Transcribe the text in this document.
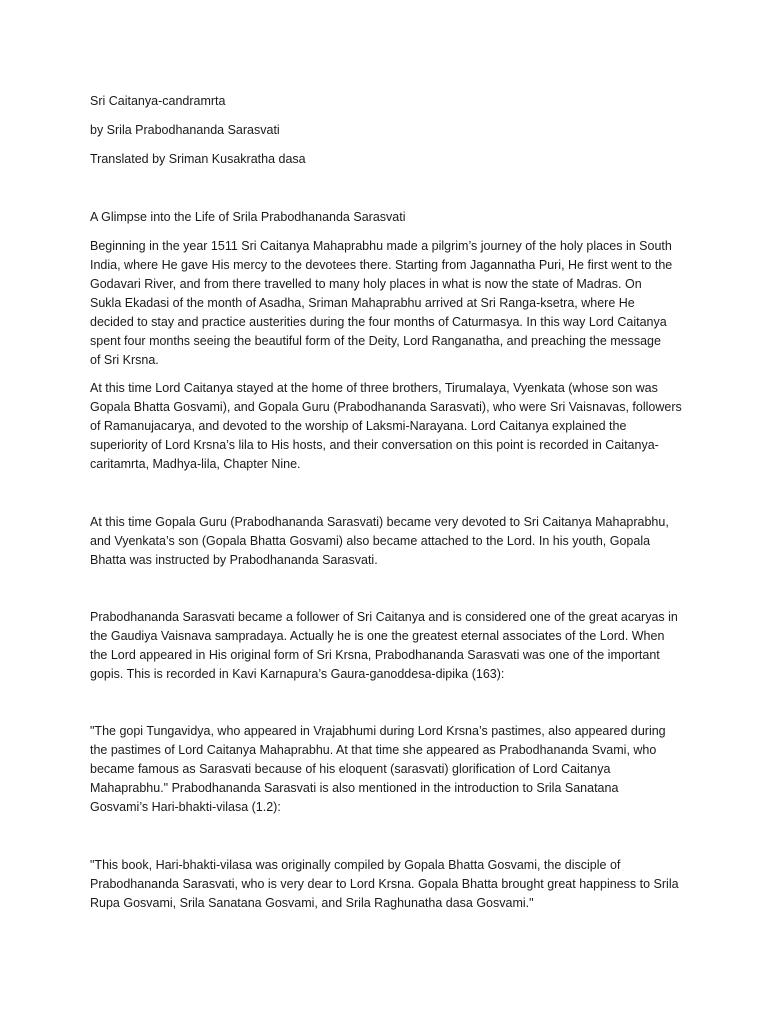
Sri Caitanya-candramrta

by Srila Prabodhananda Sarasvati

Translated by Sriman Kusakratha dasa

A Glimpse into the Life of Srila Prabodhananda Sarasvati

Beginning in the year 1511 Sri Caitanya Mahaprabhu made a pilgrim’s journey of the holy places in South
India, where He gave His mercy to the devotees there. Starting from Jagannatha Puri, He first went to the
Godavari River, and from there travelled to many holy places in what is now the state of Madras. On
Sukla Ekadasi of the month of Asadha, Sriman Mahaprabhu arrived at Sri Ranga-ksetra, where He
decided to stay and practice austerities during the four months of Caturmasya. In this way Lord Caitanya
spent four months seeing the beautiful form of the Deity, Lord Ranganatha, and preaching the message
of Sri Krsna.

At this time Lord Caitanya stayed at the home of three brothers, Tirumalaya, Vyenkata (whose son was
Gopala Bhatta Gosvami), and Gopala Guru (Prabodhananda Sarasvati), who were Sri Vaisnavas, followers
of Ramanujacarya, and devoted to the worship of Laksmi-Narayana. Lord Caitanya explained the
superiority of Lord Krsna’s lila to His hosts, and their conversation on this point is recorded in Caitanya-
caritamrta, Madhya-lila, Chapter Nine.

At this time Gopala Guru (Prabodhananda Sarasvati) became very devoted to Sri Caitanya Mahaprabhu,
and Vyenkata’s son (Gopala Bhatta Gosvami) also became attached to the Lord. In his youth, Gopala
Bhatta was instructed by Prabodhananda Sarasvati.

Prabodhananda Sarasvati became a follower of Sri Caitanya and is considered one of the great acaryas in
the Gaudiya Vaisnava sampradaya. Actually he is one the greatest eternal associates of the Lord. When
the Lord appeared in His original form of Sri Krsna, Prabodhananda Sarasvati was one of the important
gopis. This is recorded in Kavi Karnapura’s Gaura-ganoddesa-dipika (163):

"The gopi Tungavidya, who appeared in Vrajabhumi during Lord Krsna’s pastimes, also appeared during
the pastimes of Lord Caitanya Mahaprabhu. At that time she appeared as Prabodhananda Svami, who
became famous as Sarasvati because of his eloquent (sarasvati) glorification of Lord Caitanya
Mahaprabhu." Prabodhananda Sarasvati is also mentioned in the introduction to Srila Sanatana
Gosvami’s Hari-bhakti-vilasa (1.2):

"This book, Hari-bhakti-vilasa was originally compiled by Gopala Bhatta Gosvami, the disciple of
Prabodhananda Sarasvati, who is very dear to Lord Krsna. Gopala Bhatta brought great happiness to Srila
Rupa Gosvami, Srila Sanatana Gosvami, and Srila Raghunatha dasa Gosvami."
